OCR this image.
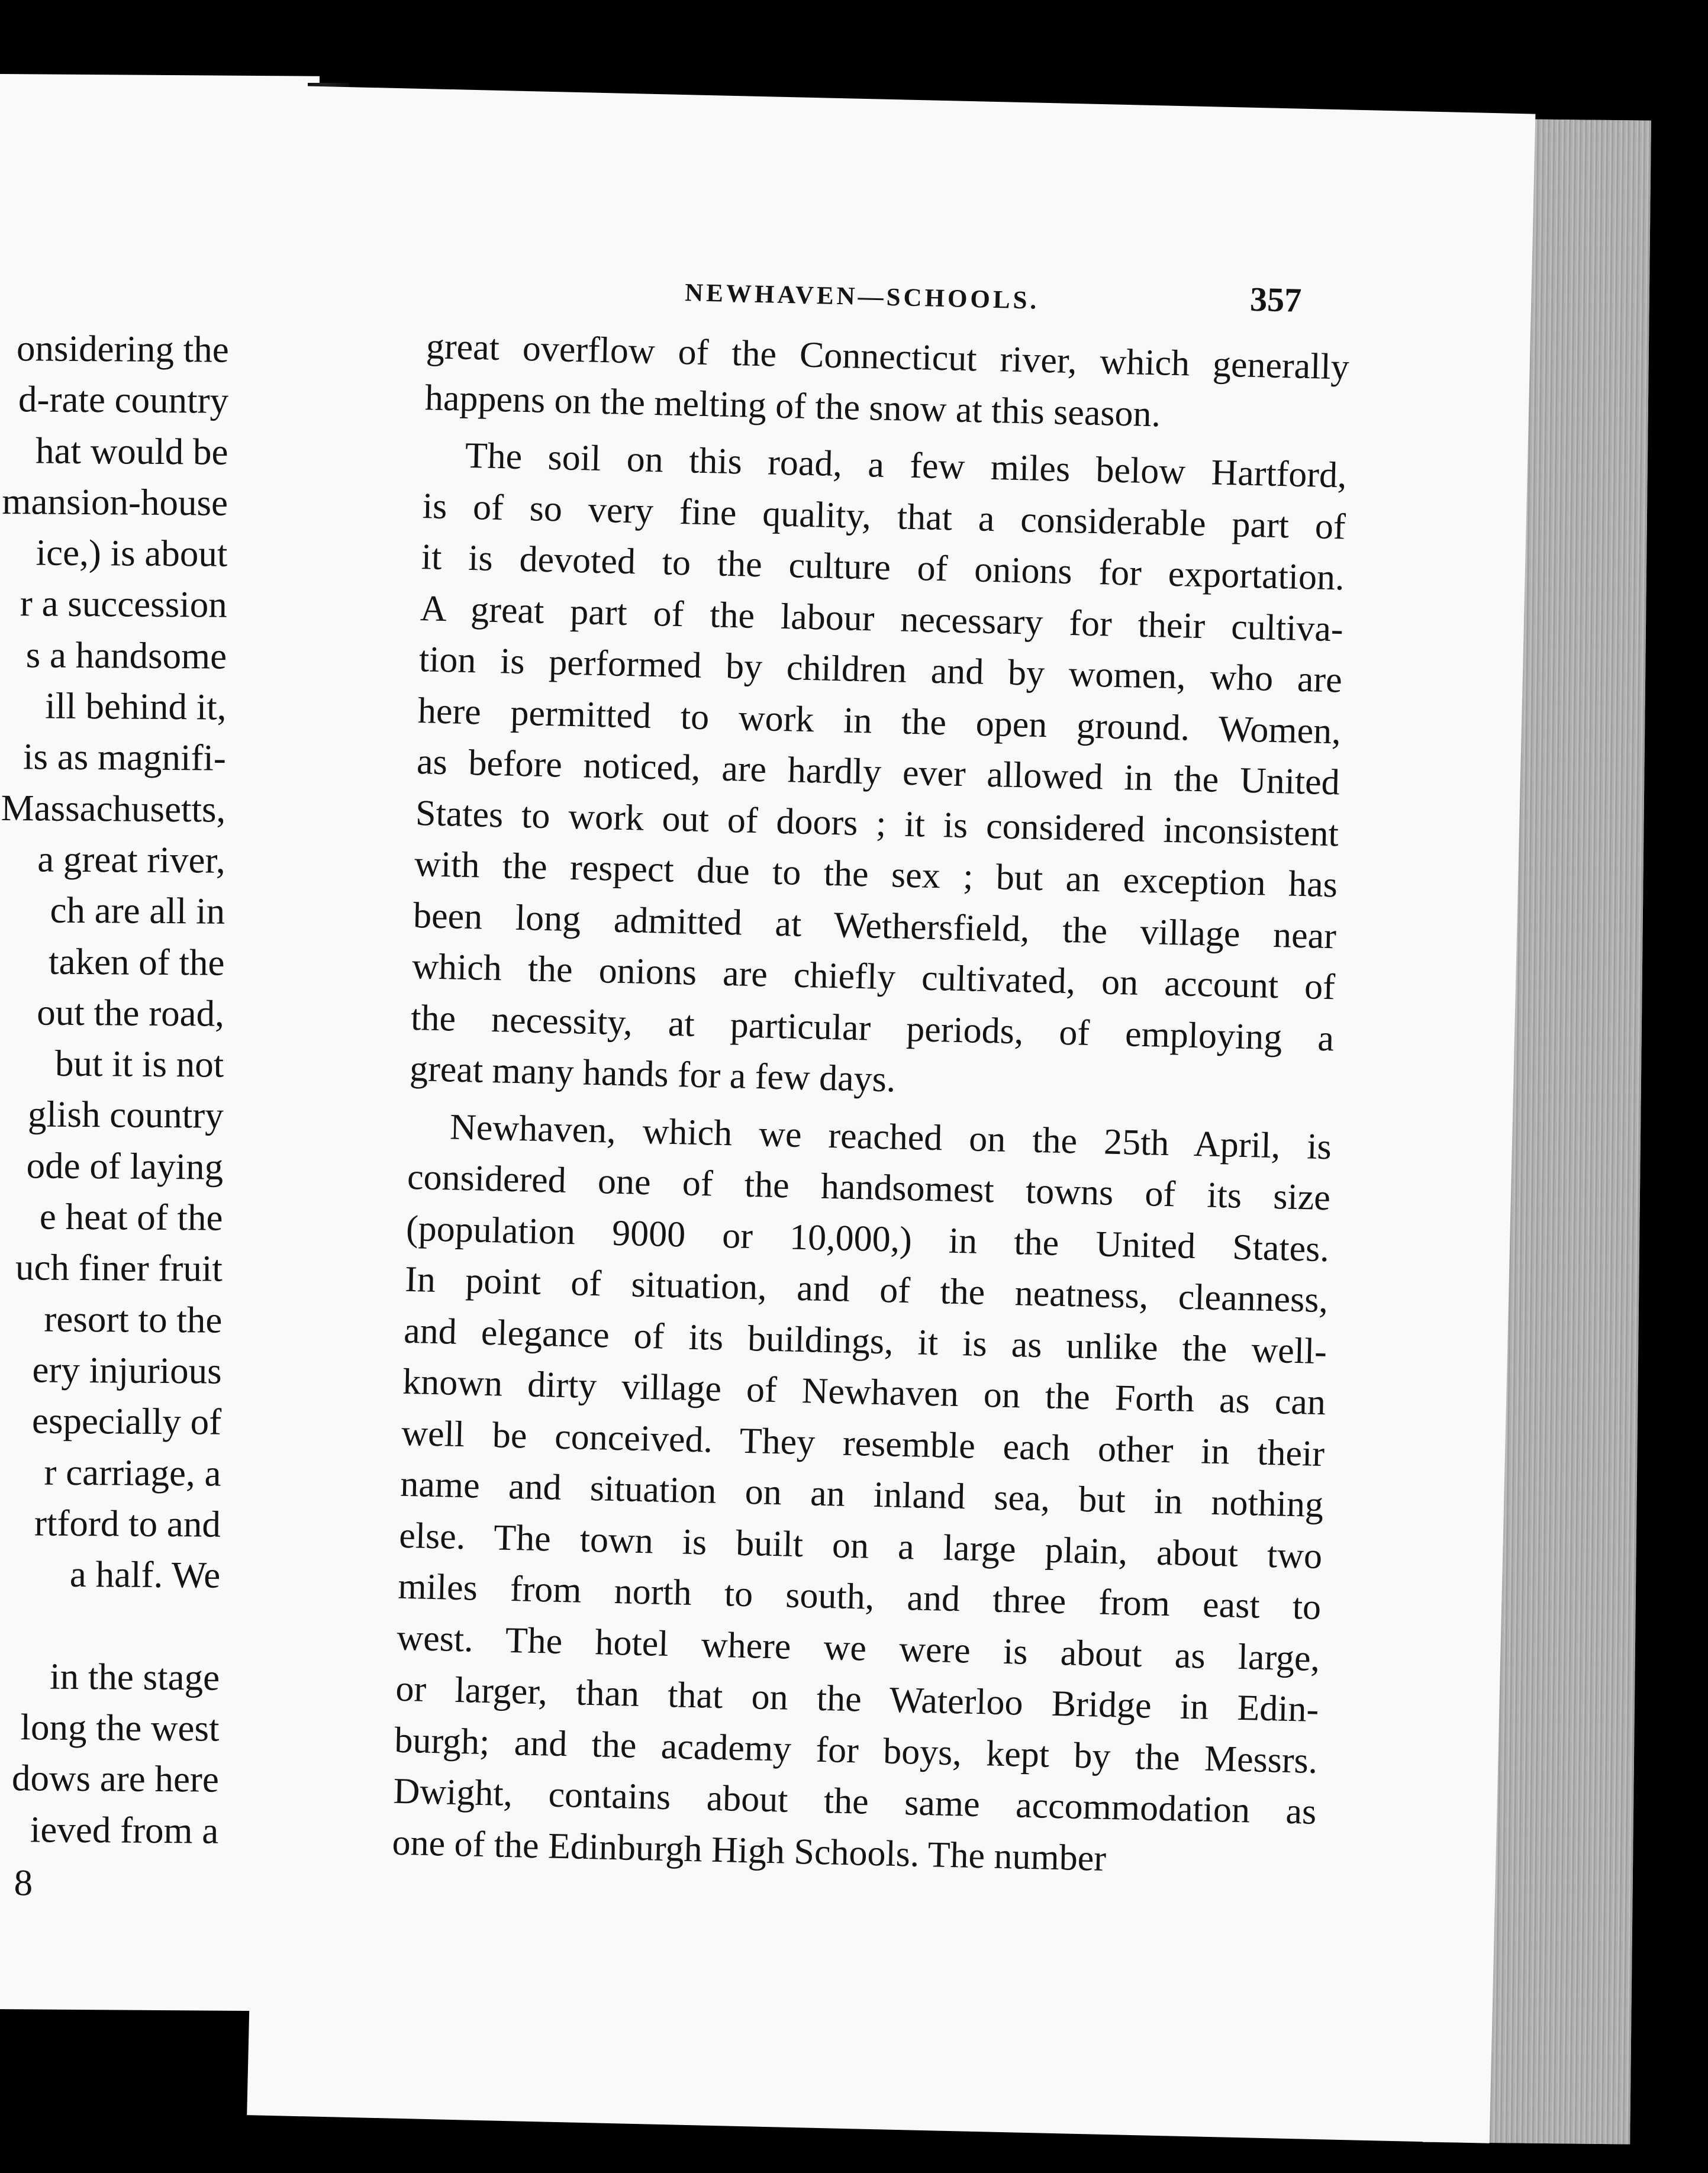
onsidering the
d-rate country
hat would be
mansion-house
ice,) is about
r a succession
s a handsome
ill behind it,
is as magnifi-
Massachusetts,
a great river,
ch are all in
taken of the
out the road,
but it is not
glish country
ode of laying
e heat of the
uch finer fruit
resort to the
ery injurious
especially of
r carriage, a
rtford to and
a half. We
in the stage
long the west
dows are here
ieved from a
8
NEWHAVEN—SCHOOLS.	357
great overflow of the Connecticut river, which generally
happens on the melting of the snow at this season.
The soil on this road, a few miles below Hartford,
is of so very fine quality, that a considerable part of
it is devoted to the culture of onions for exportation.
A great part of the labour necessary for their cultiva-
tion is performed by children and by women, who are
here permitted to work in the open ground. Women,
as before noticed, are hardly ever allowed in the United
States to work out of doors ; it is considered inconsistent
with the respect due to the sex ; but an exception has
been long admitted at Wethersfield, the village near
which the onions are chiefly cultivated, on account of
the necessity, at particular periods, of employing a
great many hands for a few days.
Newhaven, which we reached on the 25th April, is
considered one of the handsomest towns of its size
(population 9000 or 10,000,) in the United States.
In point of situation, and of the neatness, cleanness,
and elegance of its buildings, it is as unlike the well-
known dirty village of Newhaven on the Forth as can
well be conceived. They resemble each other in their
name and situation on an inland sea, but in nothing
else. The town is built on a large plain, about two
miles from north to south, and three from east to
west. The hotel where we were is about as large,
or larger, than that on the Waterloo Bridge in Edin-
burgh; and the academy for boys, kept by the Messrs.
Dwight, contains about the same accommodation as
one of the Edinburgh High Schools. The number
